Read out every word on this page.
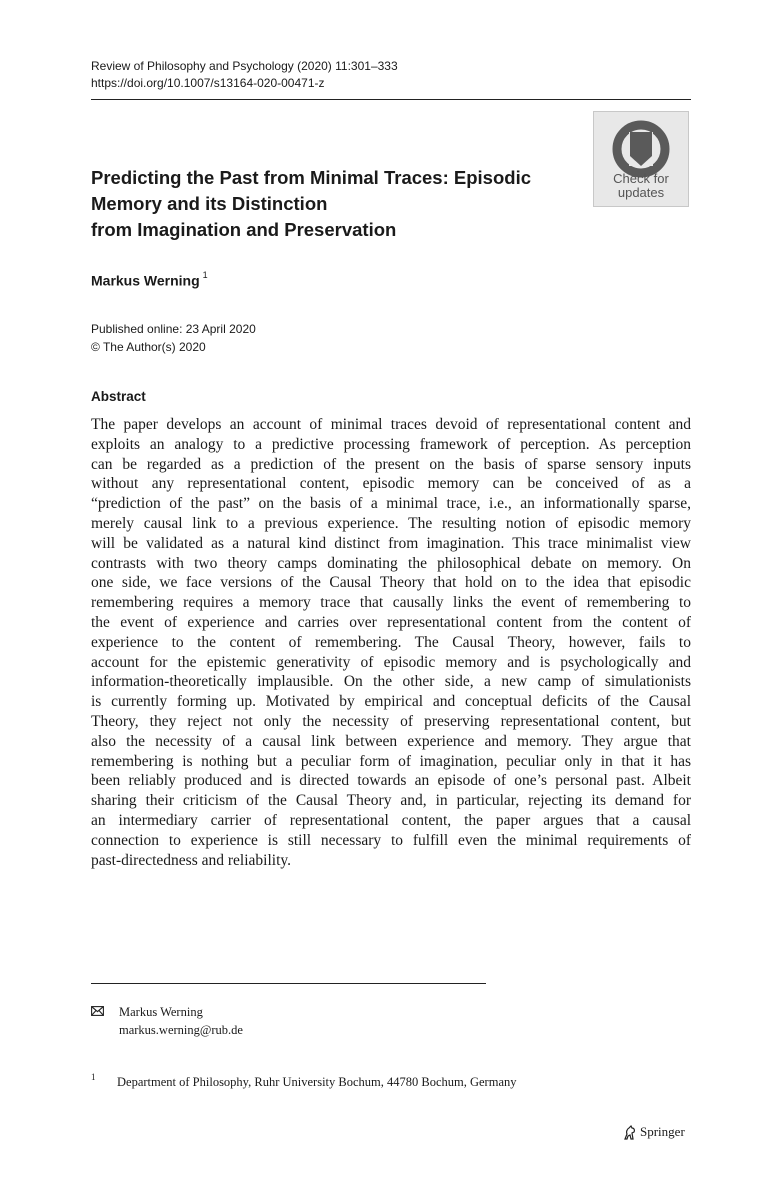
Review of Philosophy and Psychology (2020) 11:301–333
https://doi.org/10.1007/s13164-020-00471-z
Check for
updates
Predicting the Past from Minimal Traces: Episodic
Memory and its Distinction
from Imagination and Preservation
Markus Werning $^1$
Published online: 23 April 2020
© The Author(s) 2020
Abstract
The paper develops an account of minimal traces devoid of representational content and
exploits an analogy to a predictive processing framework of perception. As perception
can be regarded as a prediction of the present on the basis of sparse sensory inputs
without any representational content, episodic memory can be conceived of as a
“prediction of the past” on the basis of a minimal trace, i.e., an informationally sparse,
merely causal link to a previous experience. The resulting notion of episodic memory
will be validated as a natural kind distinct from imagination. This trace minimalist view
contrasts with two theory camps dominating the philosophical debate on memory. On
one side, we face versions of the Causal Theory that hold on to the idea that episodic
remembering requires a memory trace that causally links the event of remembering to
the event of experience and carries over representational content from the content of
experience to the content of remembering. The Causal Theory, however, fails to
account for the epistemic generativity of episodic memory and is psychologically and
information-theoretically implausible. On the other side, a new camp of simulationists
is currently forming up. Motivated by empirical and conceptual deficits of the Causal
Theory, they reject not only the necessity of preserving representational content, but
also the necessity of a causal link between experience and memory. They argue that
remembering is nothing but a peculiar form of imagination, peculiar only in that it has
been reliably produced and is directed towards an episode of one’s personal past. Albeit
sharing their criticism of the Causal Theory and, in particular, rejecting its demand for
an intermediary carrier of representational content, the paper argues that a causal
connection to experience is still necessary to fulfill even the minimal requirements of
past-directedness and reliability.
Markus Werning
markus.werning@rub.de
1 Department of Philosophy, Ruhr University Bochum, 44780 Bochum, Germany
Springer
